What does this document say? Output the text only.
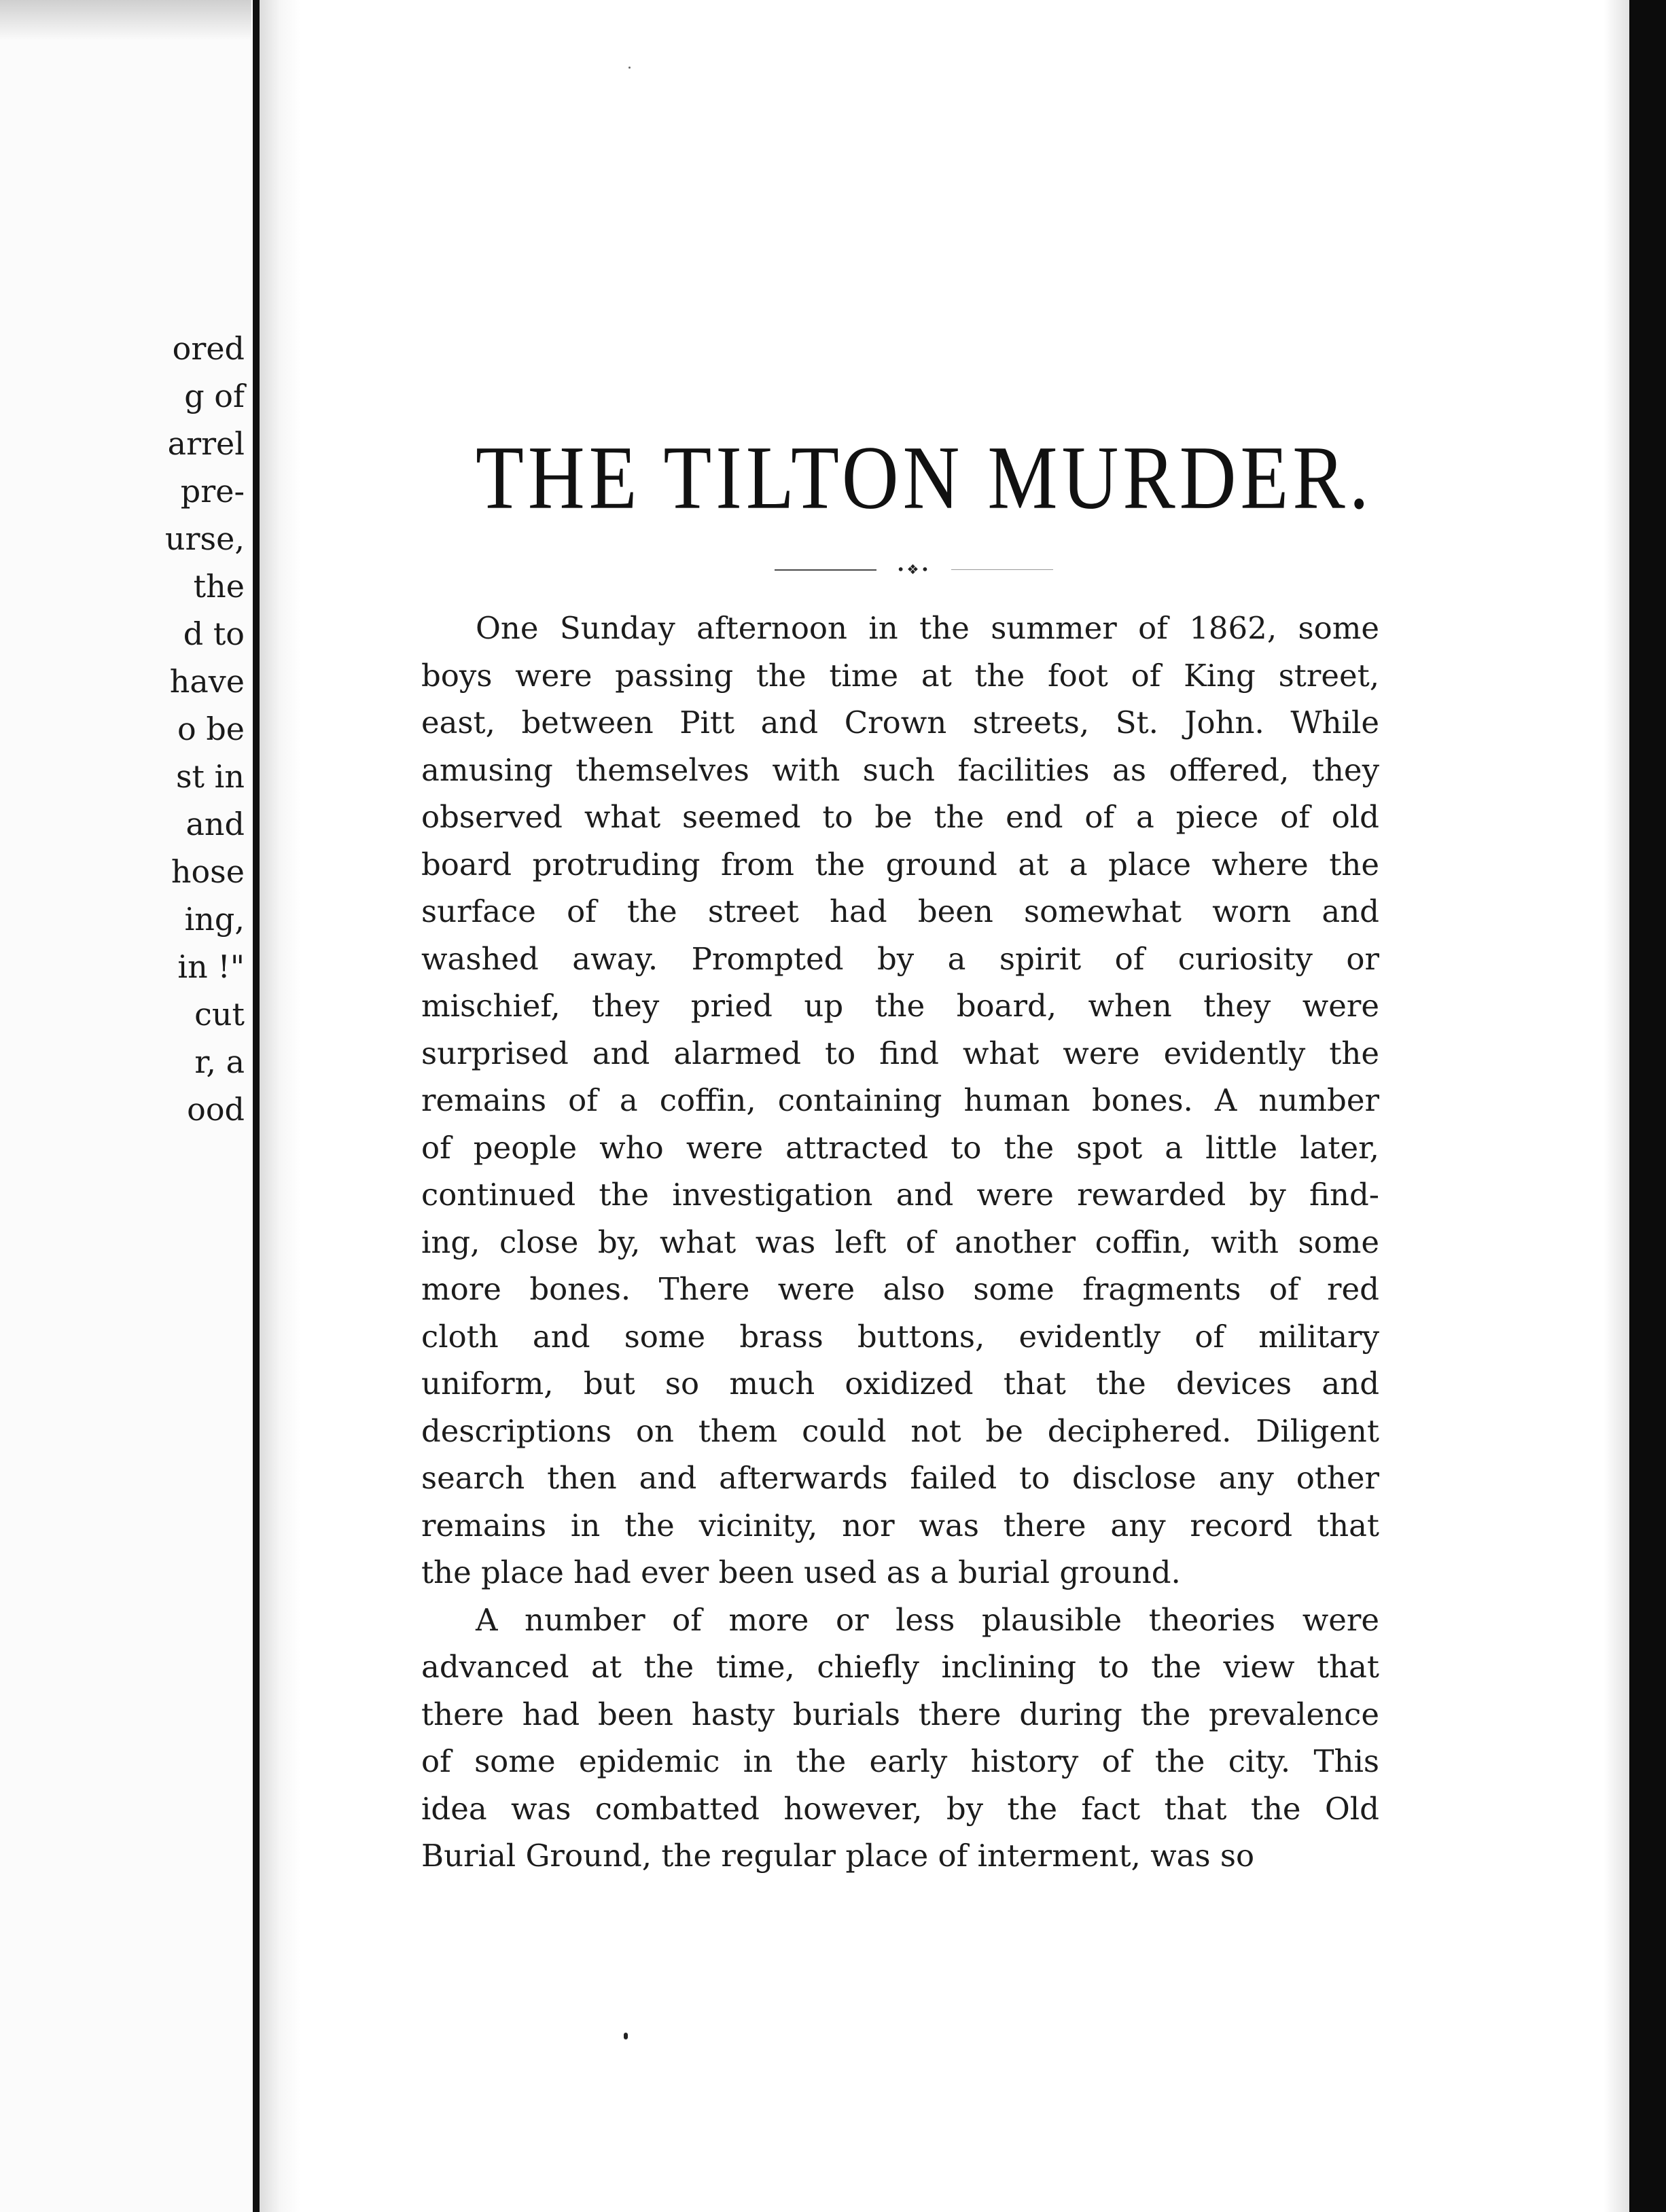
ored
g of
arrel
pre-
urse,
the
d to
have
o be
st in
and
hose
ing,
in !"
cut
r, a
ood
THE TILTON MURDER.
•❖•
One Sunday afternoon in the summer of 1862, some
boys were passing the time at the foot of King street,
east, between Pitt and Crown streets, St. John. While
amusing themselves with such facilities as offered, they
observed what seemed to be the end of a piece of old
board protruding from the ground at a place where the
surface of the street had been somewhat worn and
washed away. Prompted by a spirit of curiosity or
mischief, they pried up the board, when they were
surprised and alarmed to find what were evidently the
remains of a coffin, containing human bones. A number
of people who were attracted to the spot a little later,
continued the investigation and were rewarded by find-
ing, close by, what was left of another coffin, with some
more bones. There were also some fragments of red
cloth and some brass buttons, evidently of military
uniform, but so much oxidized that the devices and
descriptions on them could not be deciphered. Diligent
search then and afterwards failed to disclose any other
remains in the vicinity, nor was there any record that
the place had ever been used as a burial ground.
A number of more or less plausible theories were
advanced at the time, chiefly inclining to the view that
there had been hasty burials there during the prevalence
of some epidemic in the early history of the city. This
idea was combatted however, by the fact that the Old
Burial Ground, the regular place of interment, was so
